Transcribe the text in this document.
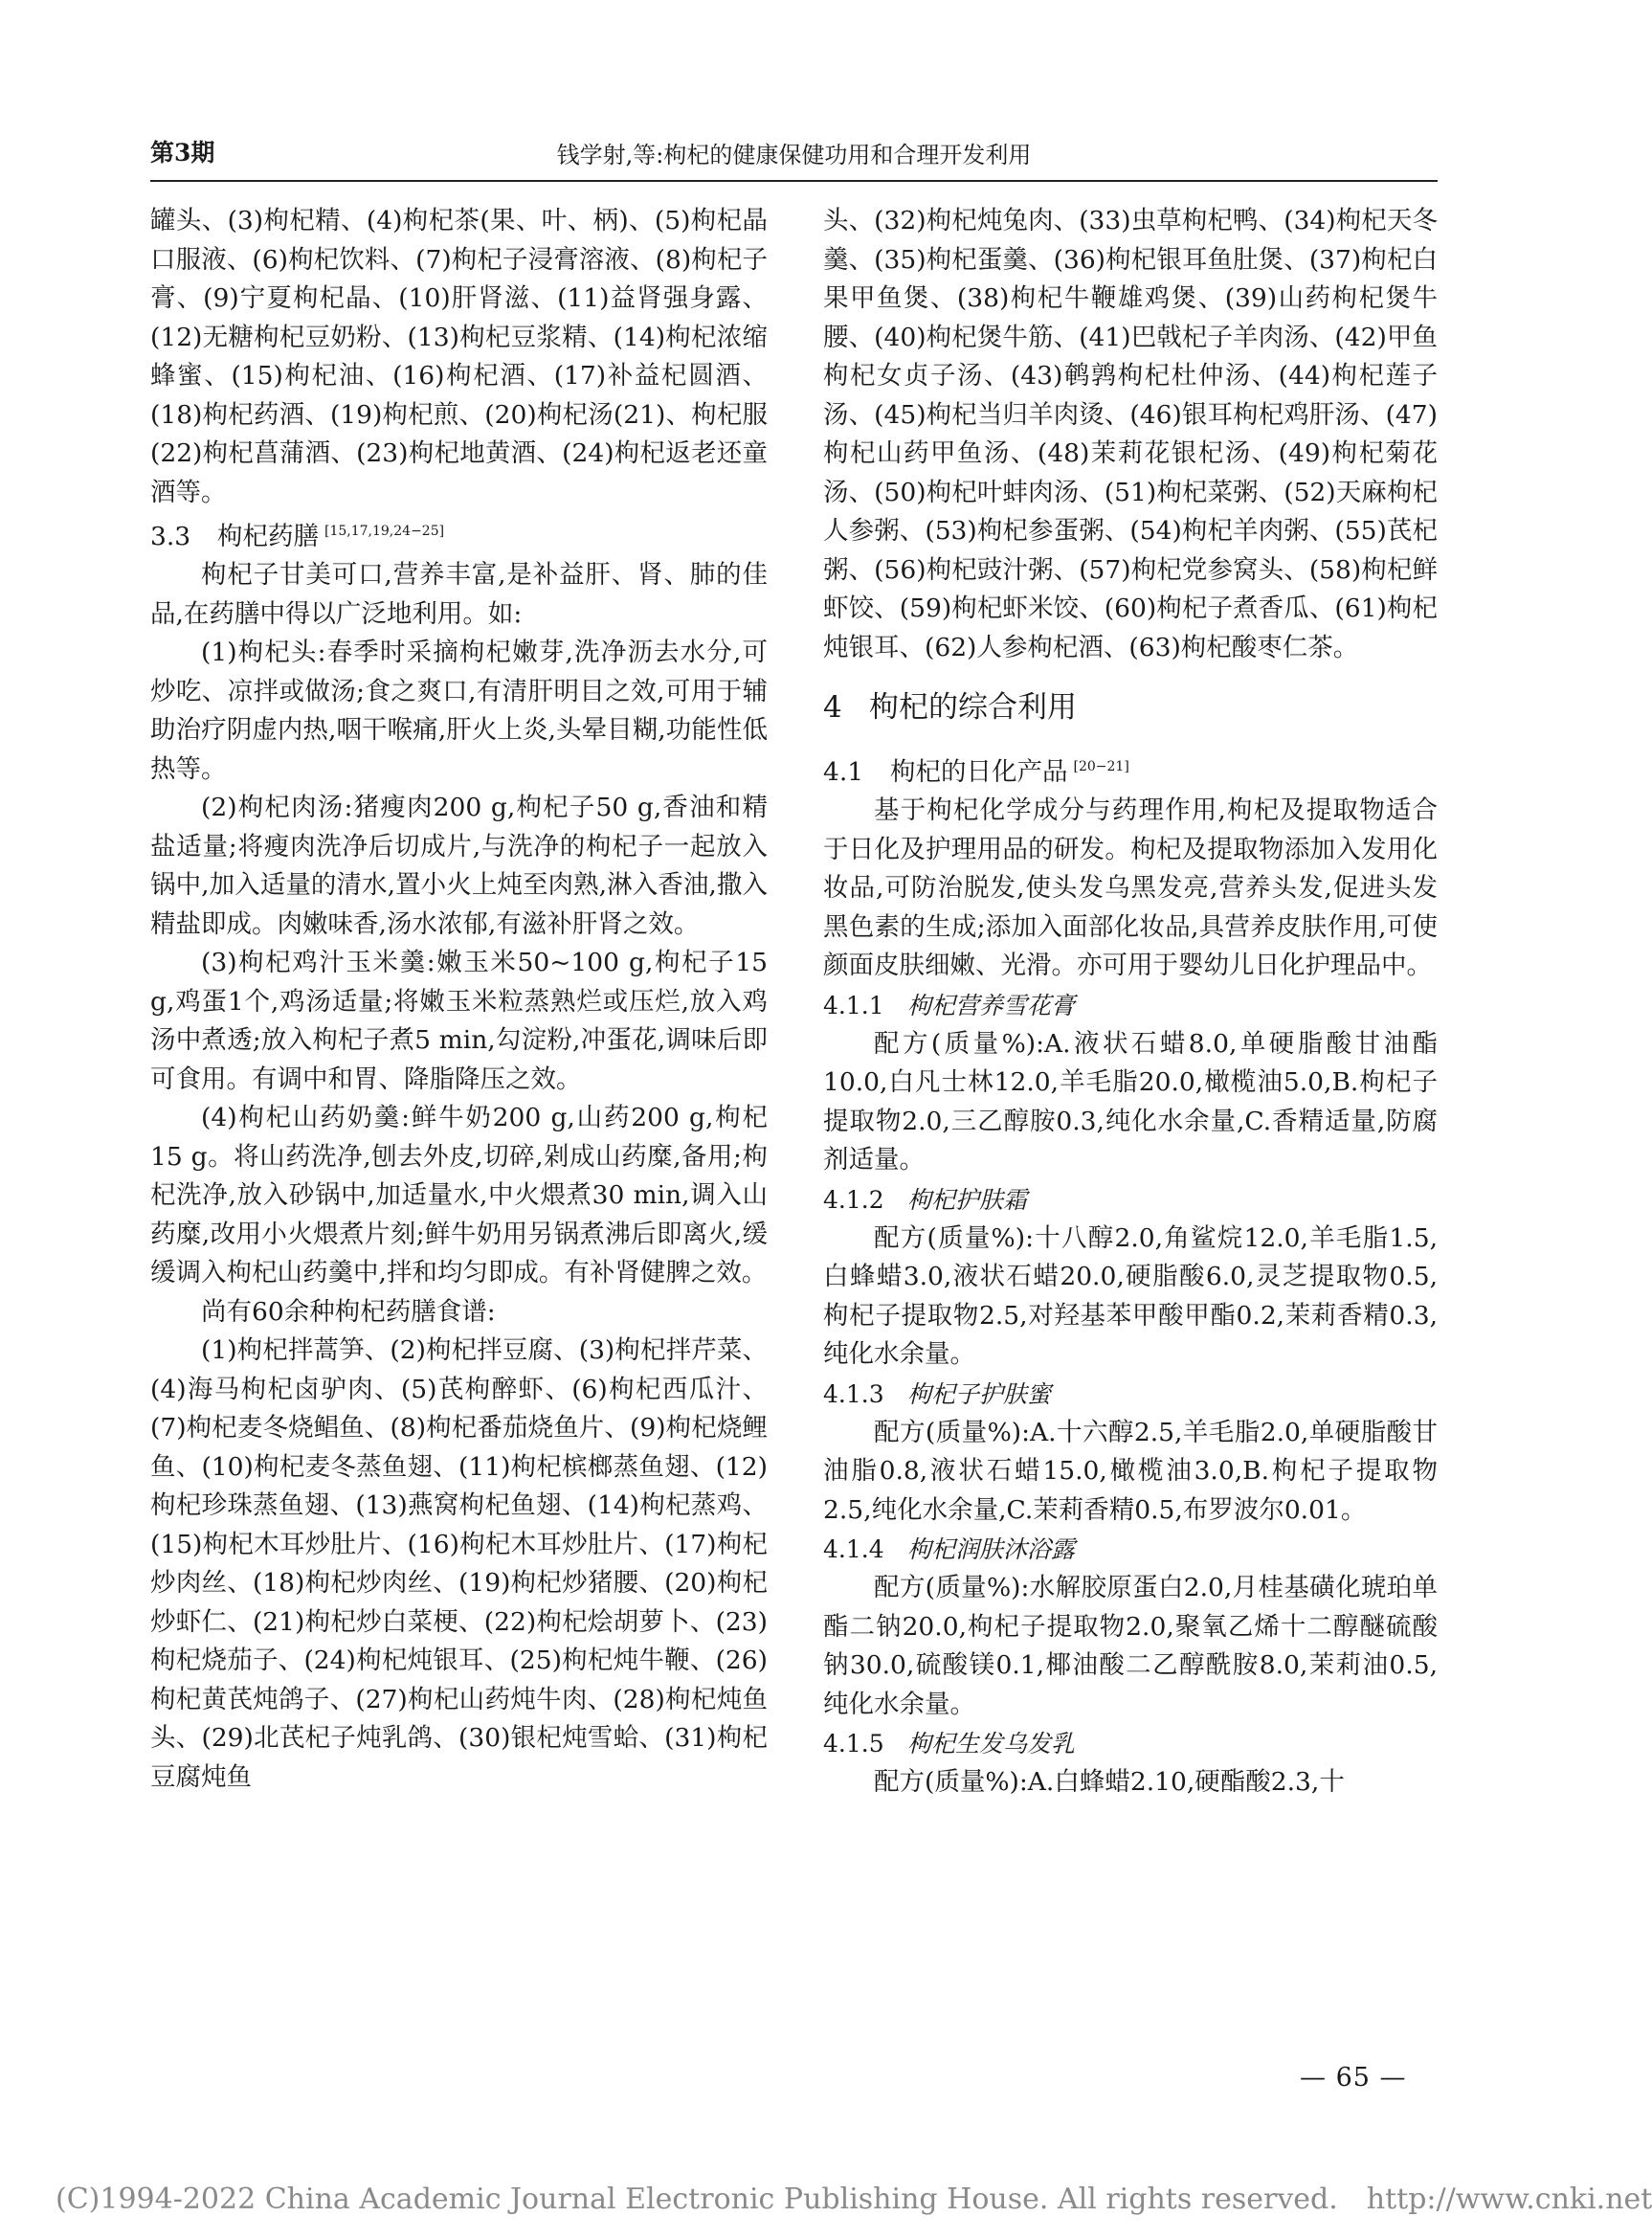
第3期	钱学射,等:枸杞的健康保健功用和合理开发利用

罐头、(3)枸杞精、(4)枸杞茶(果、叶、柄)、(5)枸杞晶口服液、(6)枸杞饮料、(7)枸杞子浸膏溶液、(8)枸杞子膏、(9)宁夏枸杞晶、(10)肝肾滋、(11)益肾强身露、(12)无糖枸杞豆奶粉、(13)枸杞豆浆精、(14)枸杞浓缩蜂蜜、(15)枸杞油、(16)枸杞酒、(17)补益杞圆酒、(18)枸杞药酒、(19)枸杞煎、(20)枸杞汤(21)、枸杞服(22)枸杞菖蒲酒、(23)枸杞地黄酒、(24)枸杞返老还童酒等。

3.3 枸杞药膳 [15,17,19,24−25]

枸杞子甘美可口,营养丰富,是补益肝、肾、肺的佳品,在药膳中得以广泛地利用。如:

(1)枸杞头:春季时采摘枸杞嫩芽,洗净沥去水分,可炒吃、凉拌或做汤;食之爽口,有清肝明目之效,可用于辅助治疗阴虚内热,咽干喉痛,肝火上炎,头晕目糊,功能性低热等。

(2)枸杞肉汤:猪瘦肉200 g,枸杞子50 g,香油和精盐适量;将瘦肉洗净后切成片,与洗净的枸杞子一起放入锅中,加入适量的清水,置小火上炖至肉熟,淋入香油,撒入精盐即成。肉嫩味香,汤水浓郁,有滋补肝肾之效。

(3)枸杞鸡汁玉米羹:嫩玉米50~100 g,枸杞子15 g,鸡蛋1个,鸡汤适量;将嫩玉米粒蒸熟烂或压烂,放入鸡汤中煮透;放入枸杞子煮5 min,勾淀粉,冲蛋花,调味后即可食用。有调中和胃、降脂降压之效。

(4)枸杞山药奶羹:鲜牛奶200 g,山药200 g,枸杞15 g。将山药洗净,刨去外皮,切碎,剁成山药糜,备用;枸杞洗净,放入砂锅中,加适量水,中火煨煮30 min,调入山药糜,改用小火煨煮片刻;鲜牛奶用另锅煮沸后即离火,缓缓调入枸杞山药羹中,拌和均匀即成。有补肾健脾之效。

尚有60余种枸杞药膳食谱:

(1)枸杞拌蒿笋、(2)枸杞拌豆腐、(3)枸杞拌芹菜、(4)海马枸杞卤驴肉、(5)芪枸醉虾、(6)枸杞西瓜汁、(7)枸杞麦冬烧鲳鱼、(8)枸杞番茄烧鱼片、(9)枸杞烧鲤鱼、(10)枸杞麦冬蒸鱼翅、(11)枸杞槟榔蒸鱼翅、(12)枸杞珍珠蒸鱼翅、(13)燕窝枸杞鱼翅、(14)枸杞蒸鸡、(15)枸杞木耳炒肚片、(16)枸杞木耳炒肚片、(17)枸杞炒肉丝、(18)枸杞炒肉丝、(19)枸杞炒猪腰、(20)枸杞炒虾仁、(21)枸杞炒白菜梗、(22)枸杞烩胡萝卜、(23)枸杞烧茄子、(24)枸杞炖银耳、(25)枸杞炖牛鞭、(26)枸杞黄芪炖鸽子、(27)枸杞山药炖牛肉、(28)枸杞炖鱼头、(29)北芪杞子炖乳鸽、(30)银杞炖雪蛤、(31)枸杞豆腐炖鱼

头、(32)枸杞炖兔肉、(33)虫草枸杞鸭、(34)枸杞天冬羹、(35)枸杞蛋羹、(36)枸杞银耳鱼肚煲、(37)枸杞白果甲鱼煲、(38)枸杞牛鞭雄鸡煲、(39)山药枸杞煲牛腰、(40)枸杞煲牛筋、(41)巴戟杞子羊肉汤、(42)甲鱼枸杞女贞子汤、(43)鹌鹑枸杞杜仲汤、(44)枸杞莲子汤、(45)枸杞当归羊肉烫、(46)银耳枸杞鸡肝汤、(47)枸杞山药甲鱼汤、(48)茉莉花银杞汤、(49)枸杞菊花汤、(50)枸杞叶蚌肉汤、(51)枸杞菜粥、(52)天麻枸杞人参粥、(53)枸杞参蛋粥、(54)枸杞羊肉粥、(55)芪杞粥、(56)枸杞豉汁粥、(57)枸杞党参窝头、(58)枸杞鲜虾饺、(59)枸杞虾米饺、(60)枸杞子煮香瓜、(61)枸杞炖银耳、(62)人参枸杞酒、(63)枸杞酸枣仁茶。

4 枸杞的综合利用

4.1 枸杞的日化产品 [20−21]

基于枸杞化学成分与药理作用,枸杞及提取物适合于日化及护理用品的研发。枸杞及提取物添加入发用化妆品,可防治脱发,使头发乌黑发亮,营养头发,促进头发黑色素的生成;添加入面部化妆品,具营养皮肤作用,可使颜面皮肤细嫩、光滑。亦可用于婴幼儿日化护理品中。

4.1.1 枸杞营养雪花膏

配方(质量%):A.液状石蜡8.0,单硬脂酸甘油酯10.0,白凡士林12.0,羊毛脂20.0,橄榄油5.0,B.枸杞子提取物2.0,三乙醇胺0.3,纯化水余量,C.香精适量,防腐剂适量。

4.1.2 枸杞护肤霜

配方(质量%):十八醇2.0,角鲨烷12.0,羊毛脂1.5,白蜂蜡3.0,液状石蜡20.0,硬脂酸6.0,灵芝提取物0.5,枸杞子提取物2.5,对羟基苯甲酸甲酯0.2,茉莉香精0.3,纯化水余量。

4.1.3 枸杞子护肤蜜

配方(质量%):A.十六醇2.5,羊毛脂2.0,单硬脂酸甘油脂0.8,液状石蜡15.0,橄榄油3.0,B.枸杞子提取物2.5,纯化水余量,C.茉莉香精0.5,布罗波尔0.01。

4.1.4 枸杞润肤沐浴露

配方(质量%):水解胶原蛋白2.0,月桂基磺化琥珀单酯二钠20.0,枸杞子提取物2.0,聚氧乙烯十二醇醚硫酸钠30.0,硫酸镁0.1,椰油酸二乙醇酰胺8.0,茉莉油0.5,纯化水余量。

4.1.5 枸杞生发乌发乳

配方(质量%):A.白蜂蜡2.10,硬酯酸2.3,十

— 65 —
(C)1994-2022 China Academic Journal Electronic Publishing House. All rights reserved. http://www.cnki.net
